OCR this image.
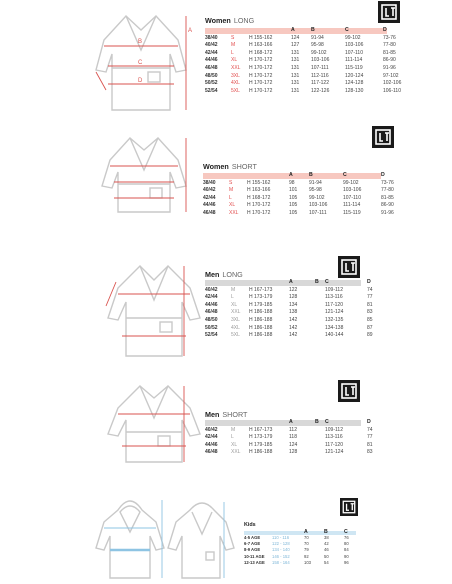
A
B
C
D
Women LONG
			A	B	C	D
38/40	S	H 155-162	124	91-94	99-102	73-76
40/42	M	H 163-166	127	95-98	103-106	77-80
42/44	L	H 168-172	131	99-102	107-110	81-85
44/46	XL	H 170-172	131	103-106	111-114	86-90
46/48	XXL	H 170-172	131	107-111	115-119	91-96
48/50	3XL	H 170-172	131	112-116	120-124	97-102
50/52	4XL	H 170-172	131	117-122	124-128	102-106
52/54	5XL	H 170-172	131	122-126	128-130	106-110
Women SHORT
			A	B	C	D
38/40	S	H 155-162	98	91-94	99-102	73-76
40/42	M	H 163-166	101	95-98	103-106	77-80
42/44	L	H 168-172	105	99-102	107-110	81-85
44/46	XL	H 170-172	105	103-106	111-114	86-90
46/48	XXL	H 170-172	105	107-111	115-119	91-96
Men LONG
			A	B	C	D
40/42	M	H 167-173	122		109-112	74
42/44	L	H 173-179	128		113-116	77
44/46	XL	H 179-185	134		117-120	81
46/48	XXL	H 186-188	138		121-124	83
48/50	3XL	H 186-188	142		132-135	85
50/52	4XL	H 186-188	142		134-138	87
52/54	5XL	H 186-188	142		140-144	89
Men SHORT
			A	B	C	D
40/42	M	H 167-173	112		109-112	74
42/44	L	H 173-179	118		113-116	77
44/46	XL	H 179-185	124		117-120	81
46/48	XXL	H 186-188	128		121-124	83
Kids
		A	B	C
4-5 AGE	110 - 116	70	38	76
6-7 AGE	122 - 128	70	42	80
8-9 AGE	134 - 140	79	46	84
10-11 AGE	146 - 152	92	50	90
12-13 AGE	158 - 164	103	54	96
